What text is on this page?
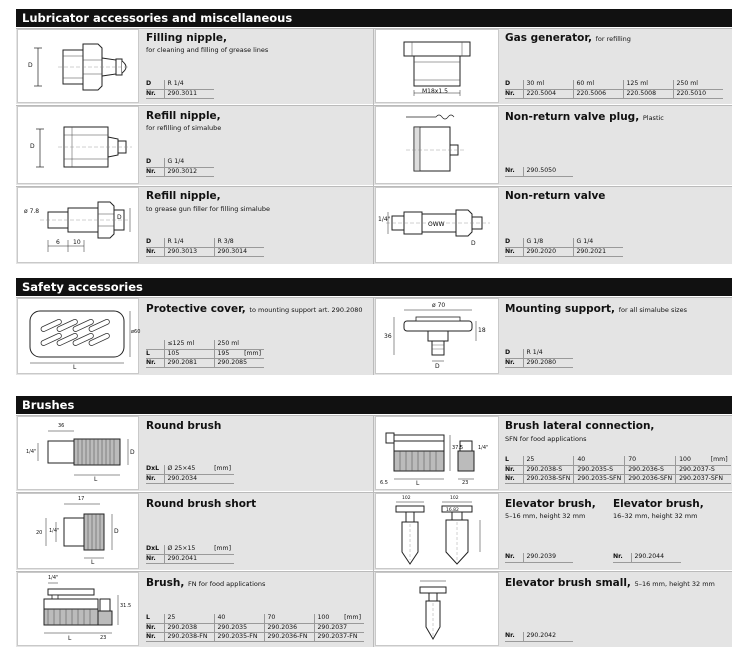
Lubricator accessories and miscellaneous
D
Filling nipple,
for cleaning and filling of grease lines
D	R 1/4
Nr.	290.3011
D
Refill nipple,
for refilling of simalube
D	G 1/4
Nr.	290.3012
ø 7.8
D
6 10
Refill nipple,
to grease gun filler for filling simalube
D	R 1/4	R 3/8
Nr.	290.3013	290.3014
M18x1.5
Gas generator, for refilling
D	30 ml	60 ml	125 ml	250 ml
Nr.	220.5004	220.5006	220.5008	220.5010
Non-return valve plug, Plastic
Nr.	290.5050
OWW
1/4"
D
Non-return valve
D	G 1/8	G 1/4
Nr.	290.2020	290.2021
Safety accessories
L
ø60
Protective cover, to mounting support art. 290.2080
	≤125 ml	250 ml
L	105	195 [mm]

Nr.	290.2081	290.2085
ø 70
36
18
D
Mounting support, for all simalube sizes
D	R 1/4
Nr.	290.2080
Brushes
36
L
D
1/4"
Round brush
DxL	Ø 25×45 [mm]

Nr.	290.2034
17
20
L
D
1/4"
Round brush short
DxL	Ø 25×15 [mm]

Nr.	290.2041
1/4"
L	23
31.5
Brush, FN for food applications
L	25	40	70	100 [mm]

Nr.	290.2038	290.2035	290.2036	290.2037
Nr.	290.2038-FN	290.2035-FN	290.2036-FN	290.2037-FN
37.5	1/4"
23
L
6.5
Brush lateral connection,
SFN for food applications
L	25	40	70	100 [mm]

Nr.	290.2038-S	290.2035-S	290.2036-S	290.2037-S
Nr.	290.2038-SFN	290.2035-SFN	290.2036-SFN	290.2037-SFN
102	102
16.82
Elevator brush,
5–16 mm, height 32 mm
Elevator brush,
16–32 mm, height 32 mm
Nr.	290.2039	Nr.	290.2044
Elevator brush small, 5–16 mm, height 32 mm
Nr.	290.2042
